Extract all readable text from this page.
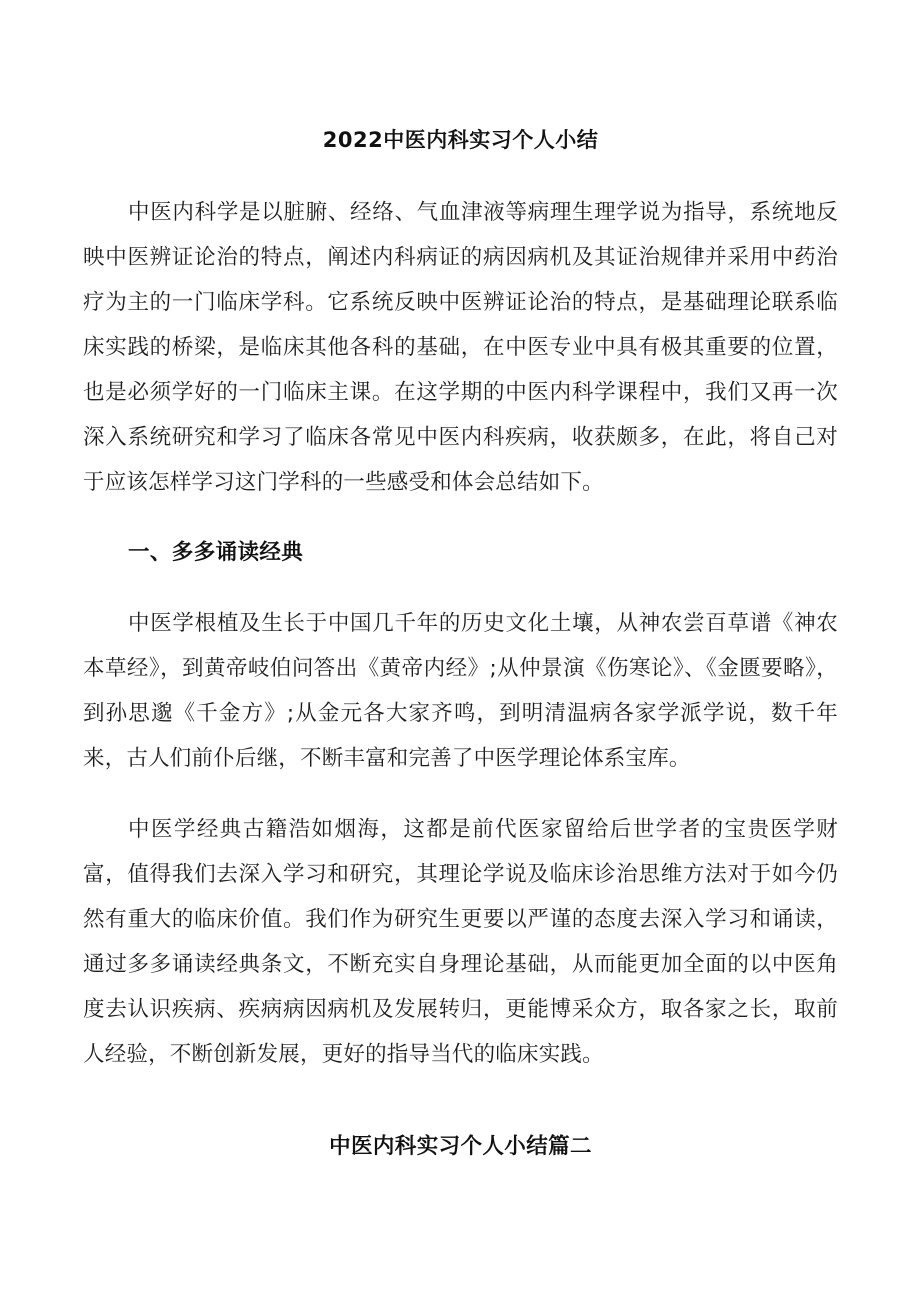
2022中医内科实习个人小结

中医内科学是以脏腑、经络、气血津液等病理生理学说为指导，系统地反映中医辨证论治的特点，阐述内科病证的病因病机及其证治规律并采用中药治疗为主的一门临床学科。它系统反映中医辨证论治的特点，是基础理论联系临床实践的桥梁，是临床其他各科的基础，在中医专业中具有极其重要的位置，也是必须学好的一门临床主课。在这学期的中医内科学课程中，我们又再一次深入系统研究和学习了临床各常见中医内科疾病，收获颇多，在此，将自己对于应该怎样学习这门学科的一些感受和体会总结如下。

一、多多诵读经典

中医学根植及生长于中国几千年的历史文化土壤，从神农尝百草谱《神农本草经》，到黄帝岐伯问答出《黄帝内经》;从仲景演《伤寒论》、《金匮要略》，到孙思邈《千金方》;从金元各大家齐鸣，到明清温病各家学派学说，数千年来，古人们前仆后继，不断丰富和完善了中医学理论体系宝库。

中医学经典古籍浩如烟海，这都是前代医家留给后世学者的宝贵医学财富，值得我们去深入学习和研究，其理论学说及临床诊治思维方法对于如今仍然有重大的临床价值。我们作为研究生更要以严谨的态度去深入学习和诵读，通过多多诵读经典条文，不断充实自身理论基础，从而能更加全面的以中医角度去认识疾病、疾病病因病机及发展转归，更能博采众方，取各家之长，取前人经验，不断创新发展，更好的指导当代的临床实践。

中医内科实习个人小结篇二
